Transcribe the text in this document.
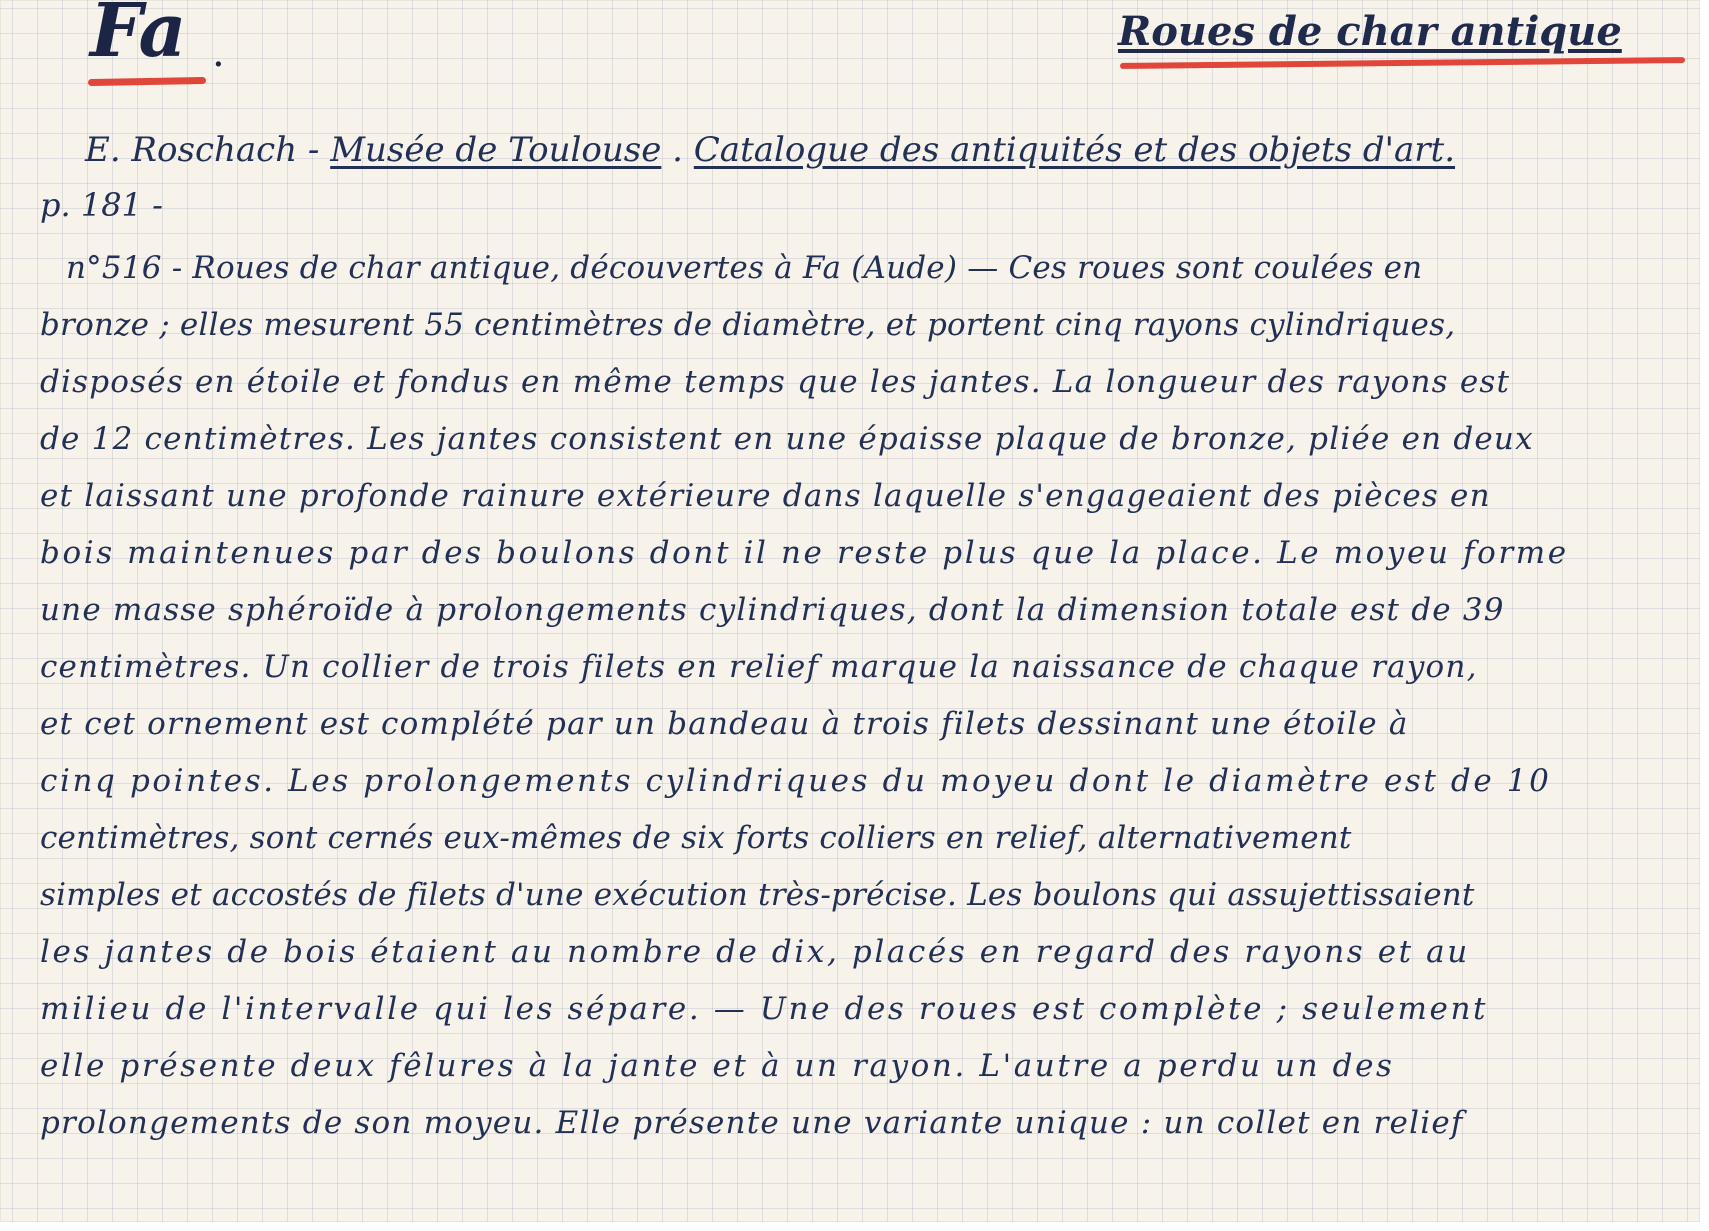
Fa .	Roues de char antique
E. Roschach - Musée de Toulouse . Catalogue des antiquités et des objets d'art.
p. 181 -
n°516 - Roues de char antique, découvertes à Fa (Aude) — Ces roues sont coulées en
bronze ; elles mesurent 55 centimètres de diamètre, et portent cinq rayons cylindriques,
disposés en étoile et fondus en même temps que les jantes. La longueur des rayons est
de 12 centimètres. Les jantes consistent en une épaisse plaque de bronze, pliée en deux
et laissant une profonde rainure extérieure dans laquelle s'engageaient des pièces en
bois maintenues par des boulons dont il ne reste plus que la place. Le moyeu forme
une masse sphéroïde à prolongements cylindriques, dont la dimension totale est de 39
centimètres. Un collier de trois filets en relief marque la naissance de chaque rayon,
et cet ornement est complété par un bandeau à trois filets dessinant une étoile à
cinq pointes. Les prolongements cylindriques du moyeu dont le diamètre est de 10
centimètres, sont cernés eux-mêmes de six forts colliers en relief, alternativement
simples et accostés de filets d'une exécution très-précise. Les boulons qui assujettissaient
les jantes de bois étaient au nombre de dix, placés en regard des rayons et au
milieu de l'intervalle qui les sépare. — Une des roues est complète ; seulement
elle présente deux fêlures à la jante et à un rayon. L'autre a perdu un des
prolongements de son moyeu. Elle présente une variante unique : un collet en relief
